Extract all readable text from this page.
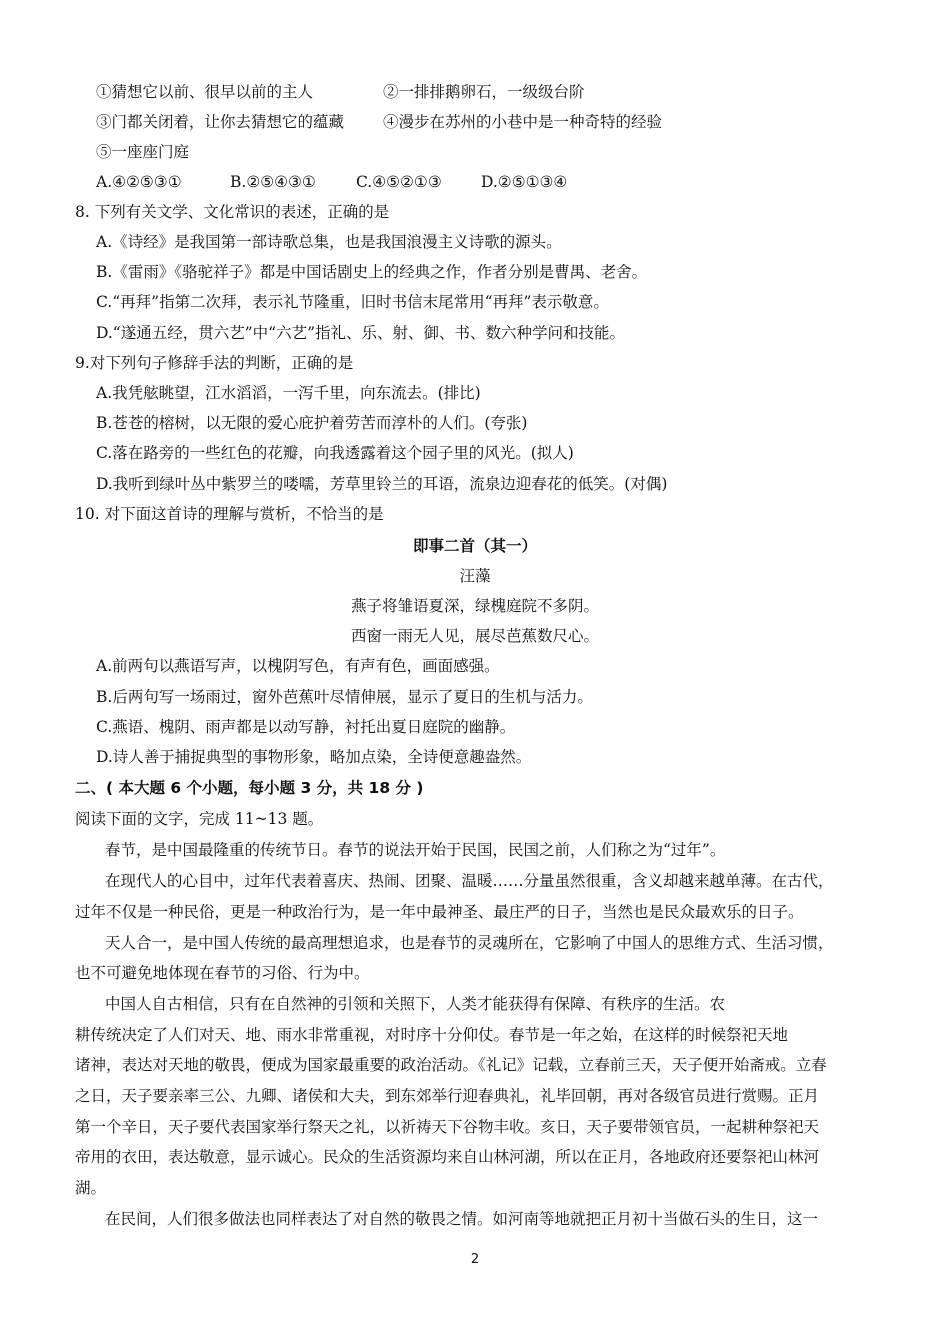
①猜想它以前、很早以前的主人	②一排排鹅卵石，一级级台阶
③门都关闭着，让你去猜想它的蕴藏	④漫步在苏州的小巷中是一种奇特的经验
⑤一座座门庭
A.④②⑤③①	B.②⑤④③①	C.④⑤②①③	D.②⑤①③④
8. 下列有关文学、文化常识的表述，正确的是
A.《诗经》是我国第一部诗歌总集，也是我国浪漫主义诗歌的源头。
B.《雷雨》《骆驼祥子》都是中国话剧史上的经典之作，作者分别是曹禺、老舍。
C.“再拜”指第二次拜，表示礼节隆重，旧时书信末尾常用“再拜”表示敬意。
D.“遂通五经，贯六艺”中“六艺”指礼、乐、射、御、书、数六种学问和技能。
9.对下列句子修辞手法的判断，正确的是
A.我凭舷眺望，江水滔滔，一泻千里，向东流去。(排比)
B.苍苍的榕树，以无限的爱心庇护着劳苦而淳朴的人们。(夸张)
C.落在路旁的一些红色的花瓣，向我透露着这个园子里的风光。(拟人)
D.我听到绿叶丛中紫罗兰的喽嚅，芳草里铃兰的耳语，流泉边迎春花的低笑。(对偶)
10. 对下面这首诗的理解与赏析，不恰当的是
即事二首（其一）
汪藻
燕子将雏语夏深，绿槐庭院不多阴。
西窗一雨无人见，展尽芭蕉数尺心。
A.前两句以燕语写声，以槐阴写色，有声有色，画面感强。
B.后两句写一场雨过，窗外芭蕉叶尽情伸展，显示了夏日的生机与活力。
C.燕语、槐阴、雨声都是以动写静，衬托出夏日庭院的幽静。
D.诗人善于捕捉典型的事物形象，略加点染，全诗便意趣盎然。
二、( 本大题 6 个小题，每小题 3 分，共 18 分 )
阅读下面的文字，完成 11~13 题。
春节，是中国最隆重的传统节日。春节的说法开始于民国，民国之前，人们称之为“过年”。
在现代人的心目中，过年代表着喜庆、热闹、团聚、温暖……分量虽然很重，含义却越来越单薄。在古代，
过年不仅是一种民俗，更是一种政治行为，是一年中最神圣、最庄严的日子，当然也是民众最欢乐的日子。
天人合一，是中国人传统的最高理想追求，也是春节的灵魂所在，它影响了中国人的思维方式、生活习惯，
也不可避免地体现在春节的习俗、行为中。
中国人自古相信，只有在自然神的引领和关照下，人类才能获得有保障、有秩序的生活。农
耕传统决定了人们对天、地、雨水非常重视，对时序十分仰仗。春节是一年之始，在这样的时候祭祀天地
诸神，表达对天地的敬畏，便成为国家最重要的政治活动。《礼记》记载，立春前三天，天子便开始斋戒。立春
之日，天子要亲率三公、九卿、诸侯和大夫，到东郊举行迎春典礼，礼毕回朝，再对各级官员进行赏赐。正月
第一个辛日，天子要代表国家举行祭天之礼，以祈祷天下谷物丰收。亥日，天子要带领官员，一起耕种祭祀天
帝用的衣田，表达敬意，显示诚心。民众的生活资源均来自山林河湖，所以在正月，各地政府还要祭祀山林河
湖。
在民间，人们很多做法也同样表达了对自然的敬畏之情。如河南等地就把正月初十当做石头的生日，这一
2
